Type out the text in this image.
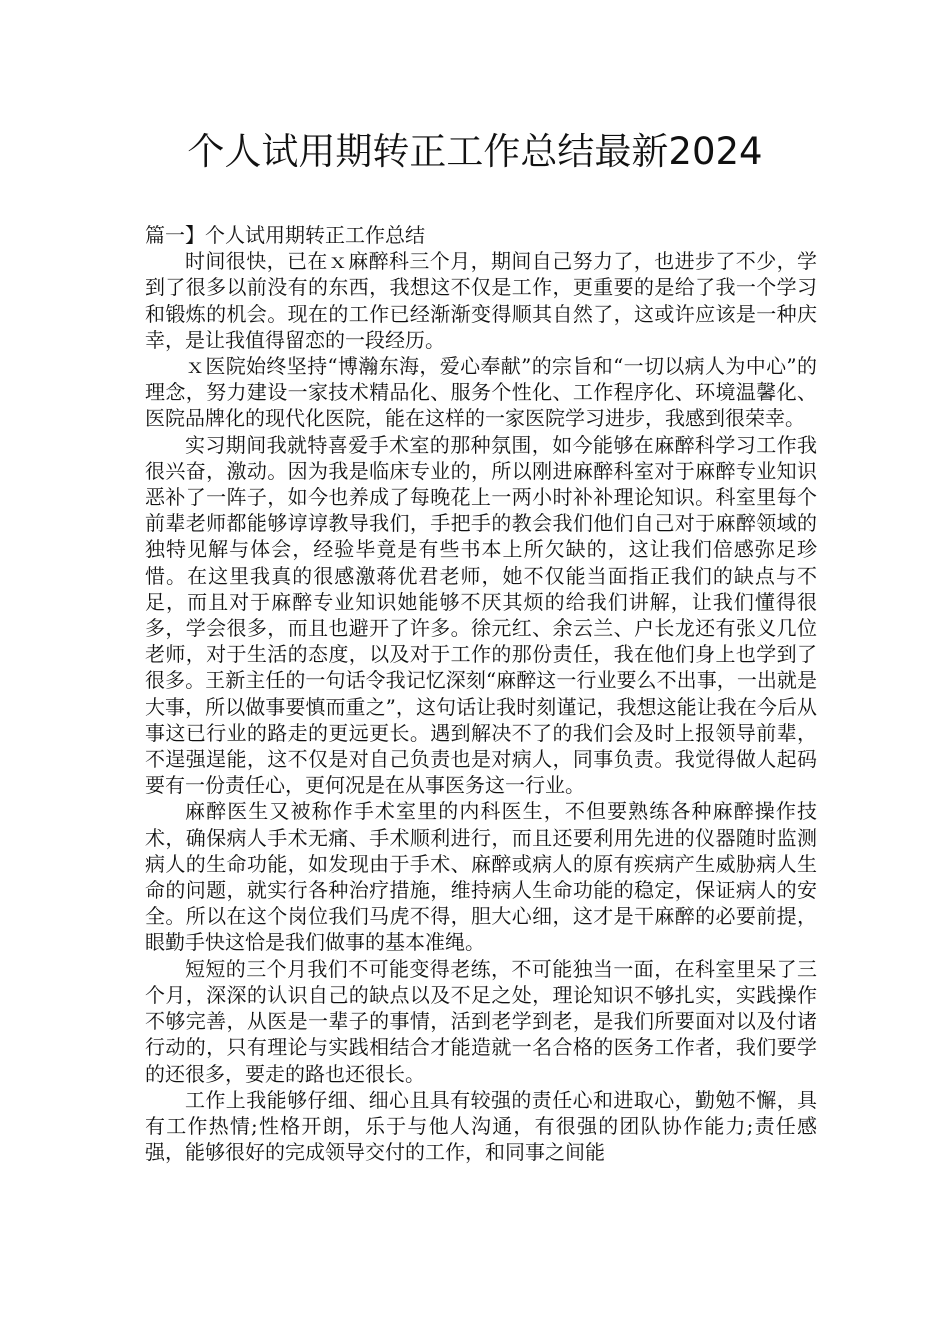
个人试用期转正工作总结最新2024

篇一】个人试用期转正工作总结

时间很快，已在ｘ麻醉科三个月，期间自己努力了，也进步了不少，学到了很多以前没有的东西，我想这不仅是工作，更重要的是给了我一个学习和锻炼的机会。现在的工作已经渐渐变得顺其自然了，这或许应该是一种庆幸，是让我值得留恋的一段经历。

ｘ医院始终坚持“博瀚东海，爱心奉献”的宗旨和“一切以病人为中心”的理念，努力建设一家技术精品化、服务个性化、工作程序化、环境温馨化、医院品牌化的现代化医院，能在这样的一家医院学习进步，我感到很荣幸。

实习期间我就特喜爱手术室的那种氛围，如今能够在麻醉科学习工作我很兴奋，激动。因为我是临床专业的，所以刚进麻醉科室对于麻醉专业知识恶补了一阵子，如今也养成了每晚花上一两小时补补理论知识。科室里每个前辈老师都能够谆谆教导我们，手把手的教会我们他们自己对于麻醉领域的独特见解与体会，经验毕竟是有些书本上所欠缺的，这让我们倍感弥足珍惜。在这里我真的很感激蒋优君老师，她不仅能当面指正我们的缺点与不足，而且对于麻醉专业知识她能够不厌其烦的给我们讲解，让我们懂得很多，学会很多，而且也避开了许多。徐元红、余云兰、户长龙还有张义几位老师，对于生活的态度，以及对于工作的那份责任，我在他们身上也学到了很多。王新主任的一句话令我记忆深刻“麻醉这一行业要么不出事，一出就是大事，所以做事要慎而重之”，这句话让我时刻谨记，我想这能让我在今后从事这已行业的路走的更远更长。遇到解决不了的我们会及时上报领导前辈，不逞强逞能，这不仅是对自己负责也是对病人，同事负责。我觉得做人起码要有一份责任心，更何况是在从事医务这一行业。

麻醉医生又被称作手术室里的内科医生，不但要熟练各种麻醉操作技术，确保病人手术无痛、手术顺利进行，而且还要利用先进的仪器随时监测病人的生命功能，如发现由于手术、麻醉或病人的原有疾病产生威胁病人生命的问题，就实行各种治疗措施，维持病人生命功能的稳定，保证病人的安全。所以在这个岗位我们马虎不得，胆大心细，这才是干麻醉的必要前提，眼勤手快这恰是我们做事的基本准绳。

短短的三个月我们不可能变得老练，不可能独当一面，在科室里呆了三个月，深深的认识自己的缺点以及不足之处，理论知识不够扎实，实践操作不够完善，从医是一辈子的事情，活到老学到老，是我们所要面对以及付诸行动的，只有理论与实践相结合才能造就一名合格的医务工作者，我们要学的还很多，要走的路也还很长。

工作上我能够仔细、细心且具有较强的责任心和进取心，勤勉不懈，具有工作热情;性格开朗，乐于与他人沟通，有很强的团队协作能力;责任感强，能够很好的完成领导交付的工作，和同事之间能
